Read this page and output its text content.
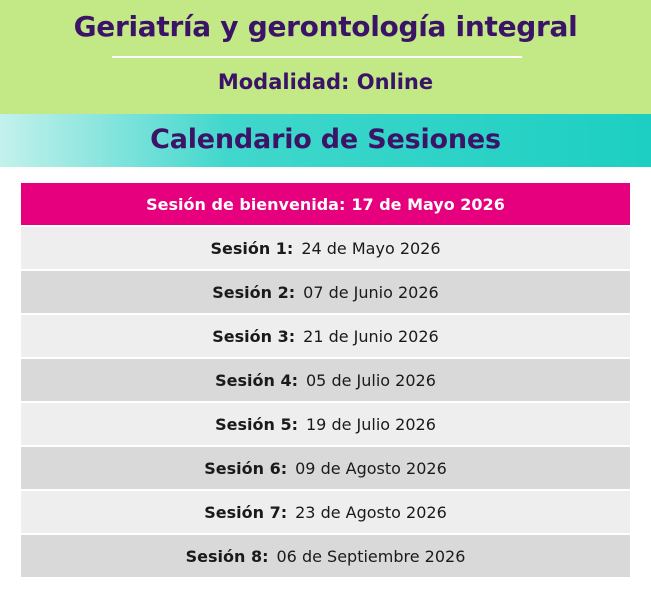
Geriatría y gerontología integral
Modalidad: Online
Calendario de Sesiones
Sesión de bienvenida: 17 de Mayo 2026
Sesión 1: 24 de Mayo 2026
Sesión 2: 07 de Junio 2026
Sesión 3: 21 de Junio 2026
Sesión 4: 05 de Julio 2026
Sesión 5: 19 de Julio 2026
Sesión 6: 09 de Agosto 2026
Sesión 7: 23 de Agosto 2026
Sesión 8: 06 de Septiembre 2026
